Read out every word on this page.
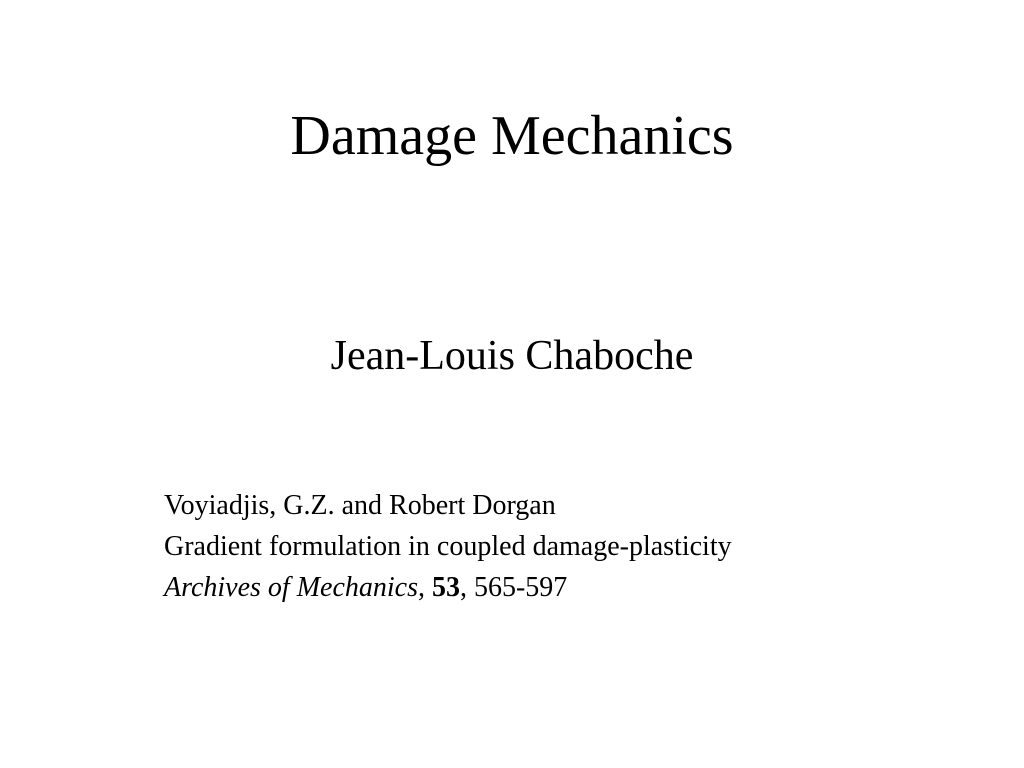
Damage Mechanics
Jean-Louis Chaboche
Voyiadjis, G.Z. and Robert Dorgan
Gradient formulation in coupled damage-plasticity
Archives of Mechanics, 53, 565-597
